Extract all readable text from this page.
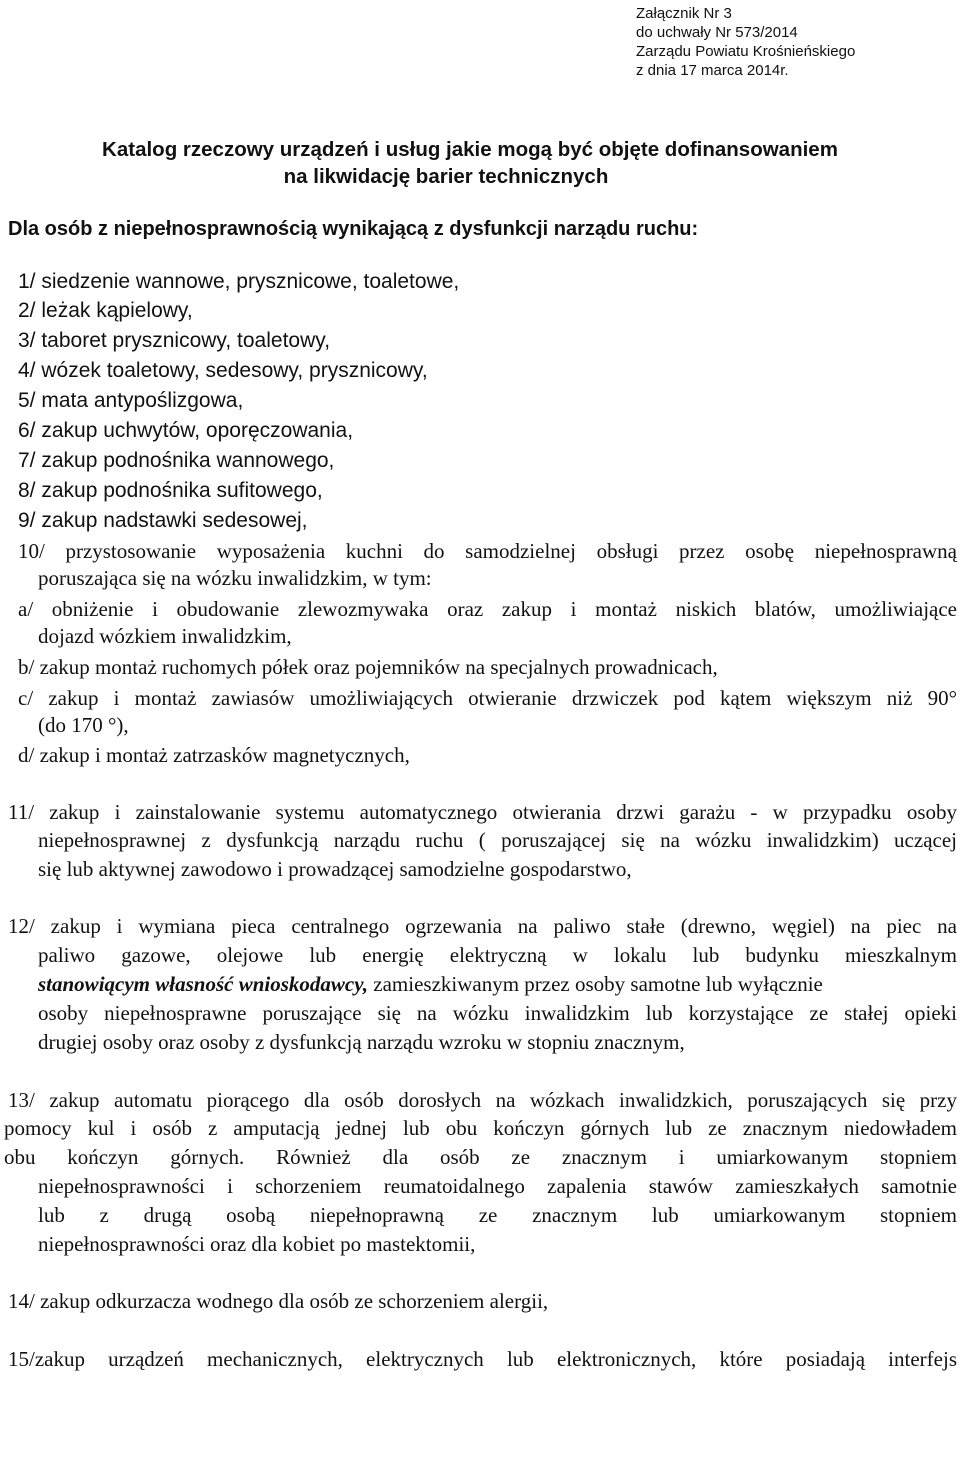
Załącznik Nr 3
do uchwały Nr 573/2014
Zarządu Powiatu Krośnieńskiego
z dnia 17 marca 2014r.
Katalog rzeczowy urządzeń i usług jakie mogą być objęte dofinansowaniem
na likwidację barier technicznych
Dla osób z niepełnosprawnością wynikającą z dysfunkcji narządu ruchu:
1/ siedzenie wannowe, prysznicowe, toaletowe,
2/ leżak kąpielowy,
3/ taboret prysznicowy, toaletowy,
4/ wózek toaletowy, sedesowy, prysznicowy,
5/ mata antypoślizgowa,
6/ zakup uchwytów, oporęczowania,
7/ zakup podnośnika wannowego,
8/ zakup podnośnika sufitowego,
9/ zakup nadstawki sedesowej,
10/ przystosowanie wyposażenia kuchni do samodzielnej obsługi przez osobę niepełnosprawną
poruszająca się na wózku inwalidzkim, w tym:
a/ obniżenie i obudowanie zlewozmywaka oraz zakup i montaż niskich blatów, umożliwiające
dojazd wózkiem inwalidzkim,
b/ zakup montaż ruchomych półek oraz pojemników na specjalnych prowadnicach,
c/ zakup i montaż zawiasów umożliwiających otwieranie drzwiczek pod kątem większym niż 90°
(do 170 °),
d/ zakup i montaż zatrzasków magnetycznych,
11/ zakup i zainstalowanie systemu automatycznego otwierania drzwi garażu - w przypadku osoby
niepełnosprawnej z dysfunkcją narządu ruchu ( poruszającej się na wózku inwalidzkim) uczącej
się lub aktywnej zawodowo i prowadzącej samodzielne gospodarstwo,
12/ zakup i wymiana pieca centralnego ogrzewania na paliwo stałe (drewno, węgiel) na piec na
paliwo gazowe, olejowe lub energię elektryczną w lokalu lub budynku mieszkalnym
stanowiącym własność wnioskodawcy, zamieszkiwanym przez osoby samotne lub wyłącznie
osoby niepełnosprawne poruszające się na wózku inwalidzkim lub korzystające ze stałej opieki
drugiej osoby oraz osoby z dysfunkcją narządu wzroku w stopniu znacznym,
13/ zakup automatu piorącego dla osób dorosłych na wózkach inwalidzkich, poruszających się przy
pomocy kul i osób z amputacją jednej lub obu kończyn górnych lub ze znacznym niedowładem
obu kończyn górnych. Również dla osób ze znacznym i umiarkowanym stopniem
niepełnosprawności i schorzeniem reumatoidalnego zapalenia stawów zamieszkałych samotnie
lub z drugą osobą niepełnoprawną ze znacznym lub umiarkowanym stopniem
niepełnosprawności oraz dla kobiet po mastektomii,
14/ zakup odkurzacza wodnego dla osób ze schorzeniem alergii,
15/zakup urządzeń mechanicznych, elektrycznych lub elektronicznych, które posiadają interfejs
